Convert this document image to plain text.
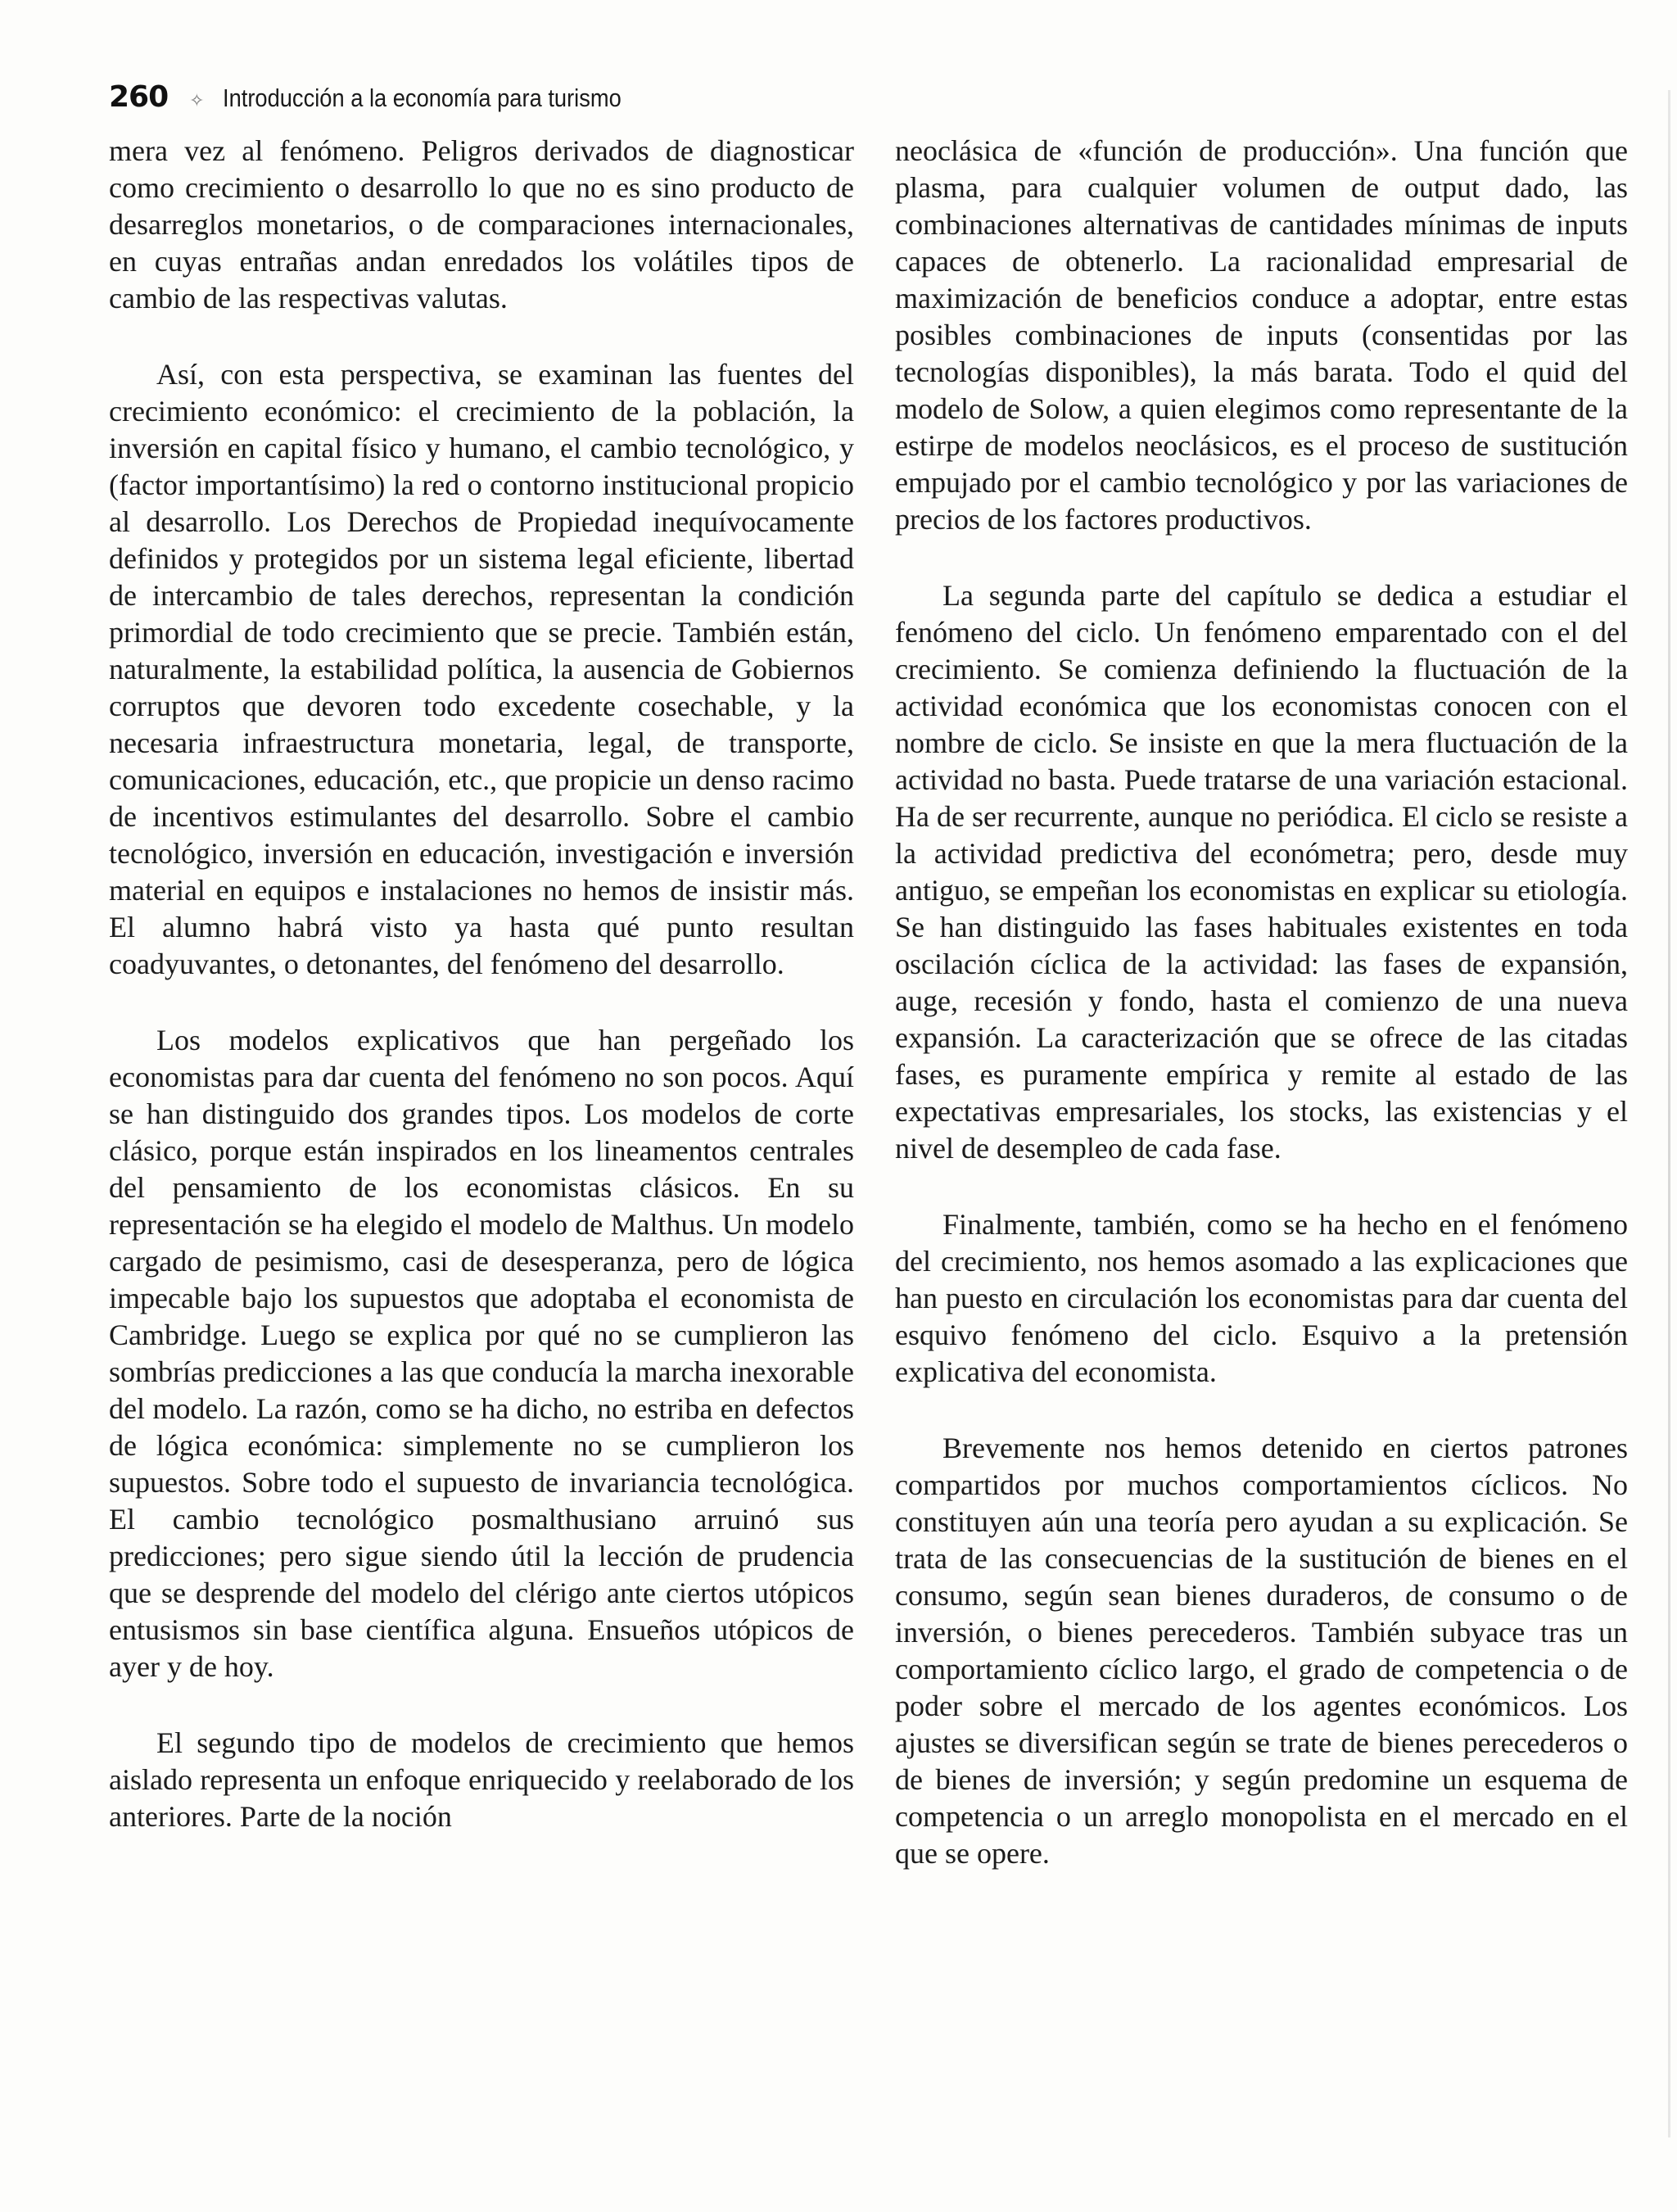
260 ✧ Introducción a la economía para turismo

mera vez al fenómeno. Peligros derivados de diagnosticar como crecimiento o desarrollo lo que no es sino producto de desarreglos monetarios, o de comparaciones internacionales, en cuyas entrañas andan enredados los volátiles tipos de cambio de las respectivas valutas.

Así, con esta perspectiva, se examinan las fuentes del crecimiento económico: el crecimiento de la población, la inversión en capital físico y humano, el cambio tecnológico, y (factor importantísimo) la red o contorno institucional propicio al desarrollo. Los Derechos de Propiedad inequívocamente definidos y protegidos por un sistema legal eficiente, libertad de intercambio de tales derechos, representan la condición primordial de todo crecimiento que se precie. También están, naturalmente, la estabilidad política, la ausencia de Gobiernos corruptos que devoren todo excedente cosechable, y la necesaria infraestructura monetaria, legal, de transporte, comunicaciones, educación, etc., que propicie un denso racimo de incentivos estimulantes del desarrollo. Sobre el cambio tecnológico, inversión en educación, investigación e inversión material en equipos e instalaciones no hemos de insistir más. El alumno habrá visto ya hasta qué punto resultan coadyuvantes, o detonantes, del fenómeno del desarrollo.

Los modelos explicativos que han pergeñado los economistas para dar cuenta del fenómeno no son pocos. Aquí se han distinguido dos grandes tipos. Los modelos de corte clásico, porque están inspirados en los lineamentos centrales del pensamiento de los economistas clásicos. En su representación se ha elegido el modelo de Malthus. Un modelo cargado de pesimismo, casi de desesperanza, pero de lógica impecable bajo los supuestos que adoptaba el economista de Cambridge. Luego se explica por qué no se cumplieron las sombrías predicciones a las que conducía la marcha inexorable del modelo. La razón, como se ha dicho, no estriba en defectos de lógica económica: simplemente no se cumplieron los supuestos. Sobre todo el supuesto de invariancia tecnológica. El cambio tecnológico posmalthusiano arruinó sus predicciones; pero sigue siendo útil la lección de prudencia que se desprende del modelo del clérigo ante ciertos utópicos entusismos sin base científica alguna. Ensueños utópicos de ayer y de hoy.

El segundo tipo de modelos de crecimiento que hemos aislado representa un enfoque enriquecido y reelaborado de los anteriores. Parte de la noción

neoclásica de «función de producción». Una función que plasma, para cualquier volumen de output dado, las combinaciones alternativas de cantidades mínimas de inputs capaces de obtenerlo. La racionalidad empresarial de maximización de beneficios conduce a adoptar, entre estas posibles combinaciones de inputs (consentidas por las tecnologías disponibles), la más barata. Todo el quid del modelo de Solow, a quien elegimos como representante de la estirpe de modelos neoclásicos, es el proceso de sustitución empujado por el cambio tecnológico y por las variaciones de precios de los factores productivos.

La segunda parte del capítulo se dedica a estudiar el fenómeno del ciclo. Un fenómeno emparentado con el del crecimiento. Se comienza definiendo la fluctuación de la actividad económica que los economistas conocen con el nombre de ciclo. Se insiste en que la mera fluctuación de la actividad no basta. Puede tratarse de una variación estacional. Ha de ser recurrente, aunque no periódica. El ciclo se resiste a la actividad predictiva del económetra; pero, desde muy antiguo, se empeñan los economistas en explicar su etiología. Se han distinguido las fases habituales existentes en toda oscilación cíclica de la actividad: las fases de expansión, auge, recesión y fondo, hasta el comienzo de una nueva expansión. La caracterización que se ofrece de las citadas fases, es puramente empírica y remite al estado de las expectativas empresariales, los stocks, las existencias y el nivel de desempleo de cada fase.

Finalmente, también, como se ha hecho en el fenómeno del crecimiento, nos hemos asomado a las explicaciones que han puesto en circulación los economistas para dar cuenta del esquivo fenómeno del ciclo. Esquivo a la pretensión explicativa del economista.

Brevemente nos hemos detenido en ciertos patrones compartidos por muchos comportamientos cíclicos. No constituyen aún una teoría pero ayudan a su explicación. Se trata de las consecuencias de la sustitución de bienes en el consumo, según sean bienes duraderos, de consumo o de inversión, o bienes perecederos. También subyace tras un comportamiento cíclico largo, el grado de competencia o de poder sobre el mercado de los agentes económicos. Los ajustes se diversifican según se trate de bienes perecederos o de bienes de inversión; y según predomine un esquema de competencia o un arreglo monopolista en el mercado en el que se opere.
